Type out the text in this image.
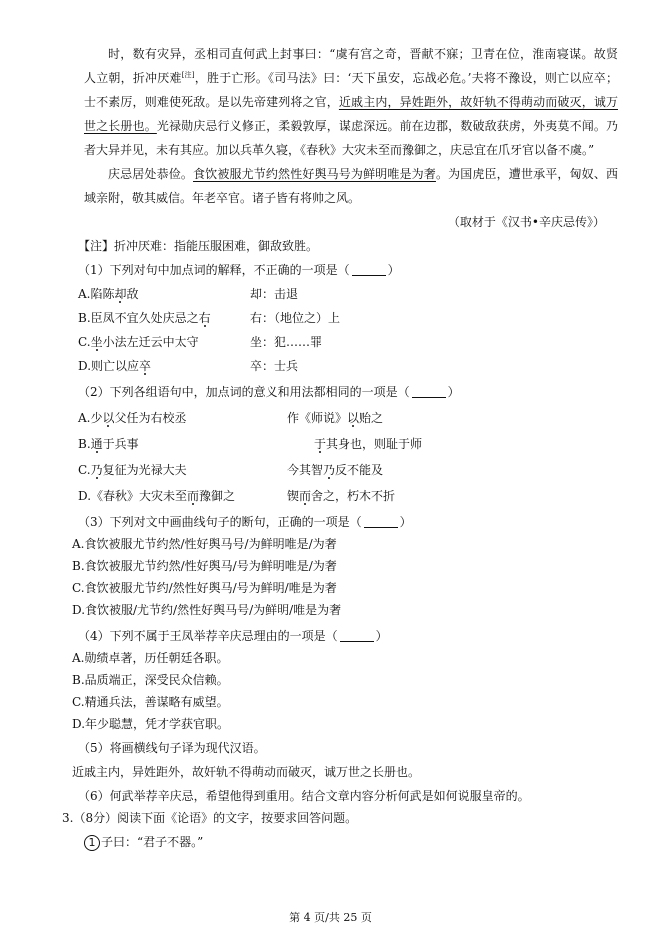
时，数有灾异，丞相司直何武上封事曰：“虞有宫之奇，晋献不寐；卫青在位，淮南寝谋。故贤人立朝，折冲厌难[注]，胜于亡形。《司马法》曰：‘天下虽安，忘战必危。’夫将不豫设，则亡以应卒；士不素厉，则难使死敌。是以先帝建列将之官，近戚主内，异姓距外，故奸轨不得萌动而破灭，诚万世之长册也。光禄勋庆忌行义修正，柔毅敦厚，谋虑深远。前在边郡，数破敌获虏，外夷莫不闻。乃者大异并见，未有其应。加以兵革久寝，《春秋》大灾未至而豫御之，庆忌宜在爪牙官以备不虞。”
庆忌居处恭俭。食饮被服尤节约然性好舆马号为鲜明唯是为奢。为国虎臣，遭世承平，匈奴、西域亲附，敬其威信。年老卒官。诸子皆有将帅之风。
（取材于《汉书•辛庆忌传》）
【注】折冲厌难：指能压服困难，御敌致胜。
（1）下列对句中加点词的解释，不正确的一项是（	）
A.陷陈却敌	却：击退
B.臣凤不宜久处庆忌之右	右：（地位之）上
C.坐小法左迁云中太守	坐：犯……罪
D.则亡以应卒	卒：士兵
（2）下列各组语句中，加点词的意义和用法都相同的一项是（	）
A.少以父任为右校丞	作《师说》以贻之
B.通于兵事	于其身也，则耻于师
C.乃复征为光禄大夫	今其智乃反不能及
D.《春秋》大灾未至而豫御之	锲而舍之，朽木不折
（3）下列对文中画曲线句子的断句，正确的一项是（	）
A.食饮被服尤节约然/性好舆马号/为鲜明唯是/为奢
B.食饮被服尤节约然/性好舆马/号为鲜明唯是/为奢
C.食饮被服尤节约/然性好舆马/号为鲜明/唯是为奢
D.食饮被服/尤节约/然性好舆马号/为鲜明/唯是为奢
（4）下列不属于王凤举荐辛庆忌理由的一项是（	）
A.勋绩卓著，历任朝廷各职。
B.品质端正，深受民众信赖。
C.精通兵法，善谋略有威望。
D.年少聪慧，凭才学获官职。
（5）将画横线句子译为现代汉语。
近戚主内，异姓距外，故奸轨不得萌动而破灭，诚万世之长册也。
（6）何武举荐辛庆忌，希望他得到重用。结合文章内容分析何武是如何说服皇帝的。
3.（8分）阅读下面《论语》的文字，按要求回答问题。
1 子曰：“君子不器。”
第 4 页/共 25 页
